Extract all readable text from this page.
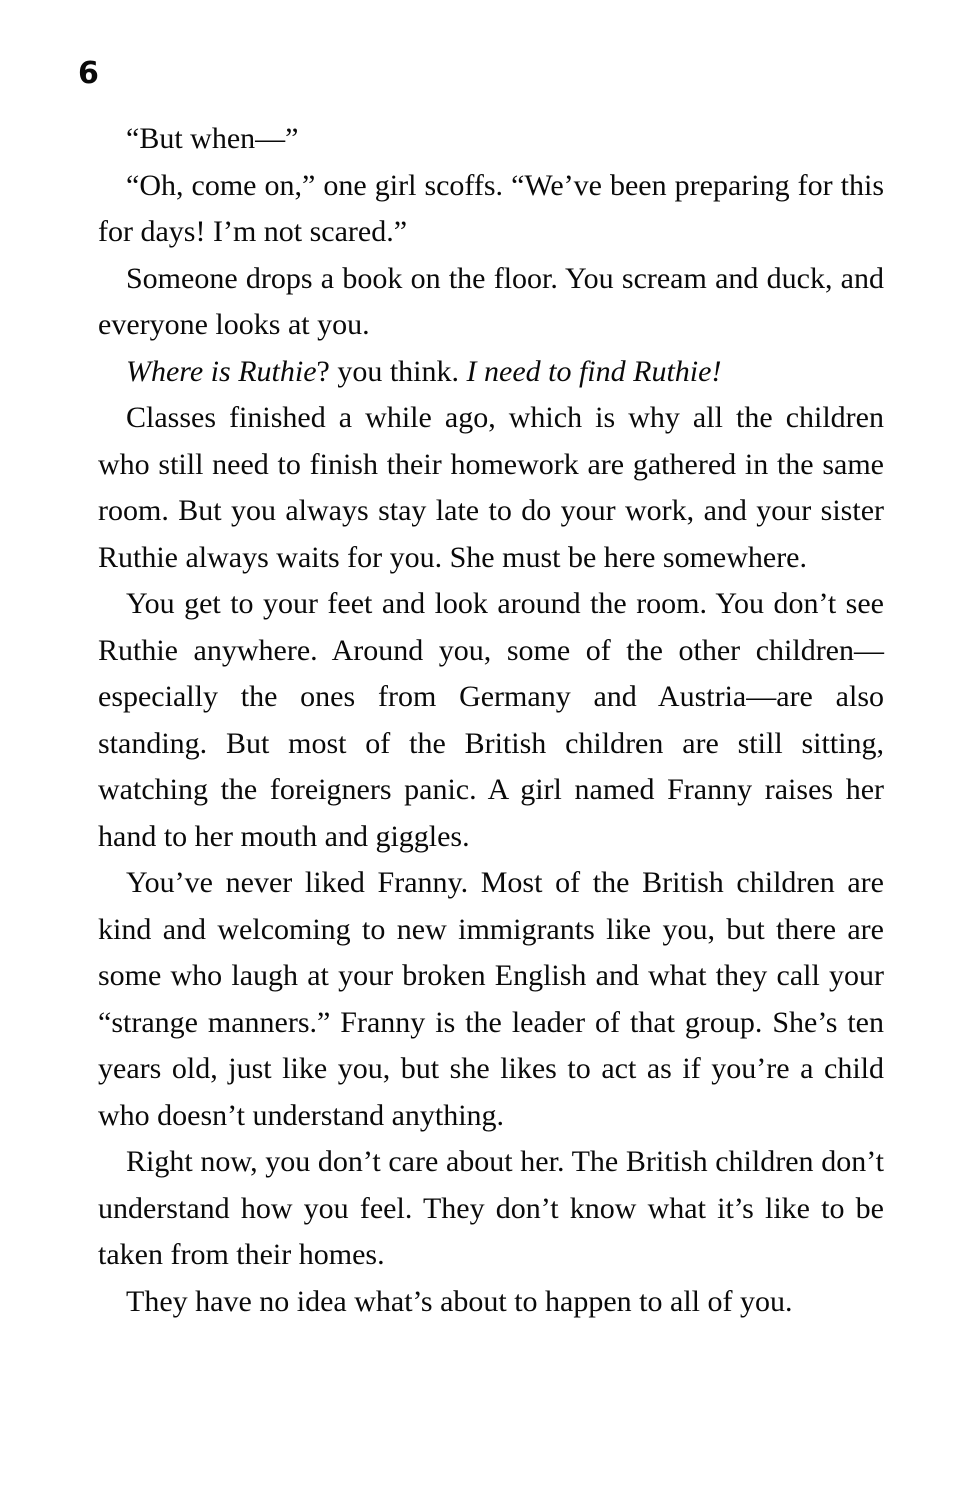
6

“But when—”

“Oh, come on,” one girl scoffs. “We’ve been preparing for this for days! I’m not scared.”

Someone drops a book on the floor. You scream and duck, and everyone looks at you.

Where is Ruthie? you think. I need to find Ruthie!

Classes finished a while ago, which is why all the children who still need to finish their homework are gathered in the same room. But you always stay late to do your work, and your sister Ruthie always waits for you. She must be here somewhere.

You get to your feet and look around the room. You don’t see Ruthie anywhere. Around you, some of the other children—especially the ones from Germany and Austria—are also standing. But most of the British children are still sitting, watching the foreigners panic. A girl named Franny raises her hand to her mouth and giggles.

You’ve never liked Franny. Most of the British children are kind and welcoming to new immigrants like you, but there are some who laugh at your broken English and what they call your “strange manners.” Franny is the leader of that group. She’s ten years old, just like you, but she likes to act as if you’re a child who doesn’t understand anything.

Right now, you don’t care about her. The British children don’t understand how you feel. They don’t know what it’s like to be taken from their homes.

They have no idea what’s about to happen to all of you.
